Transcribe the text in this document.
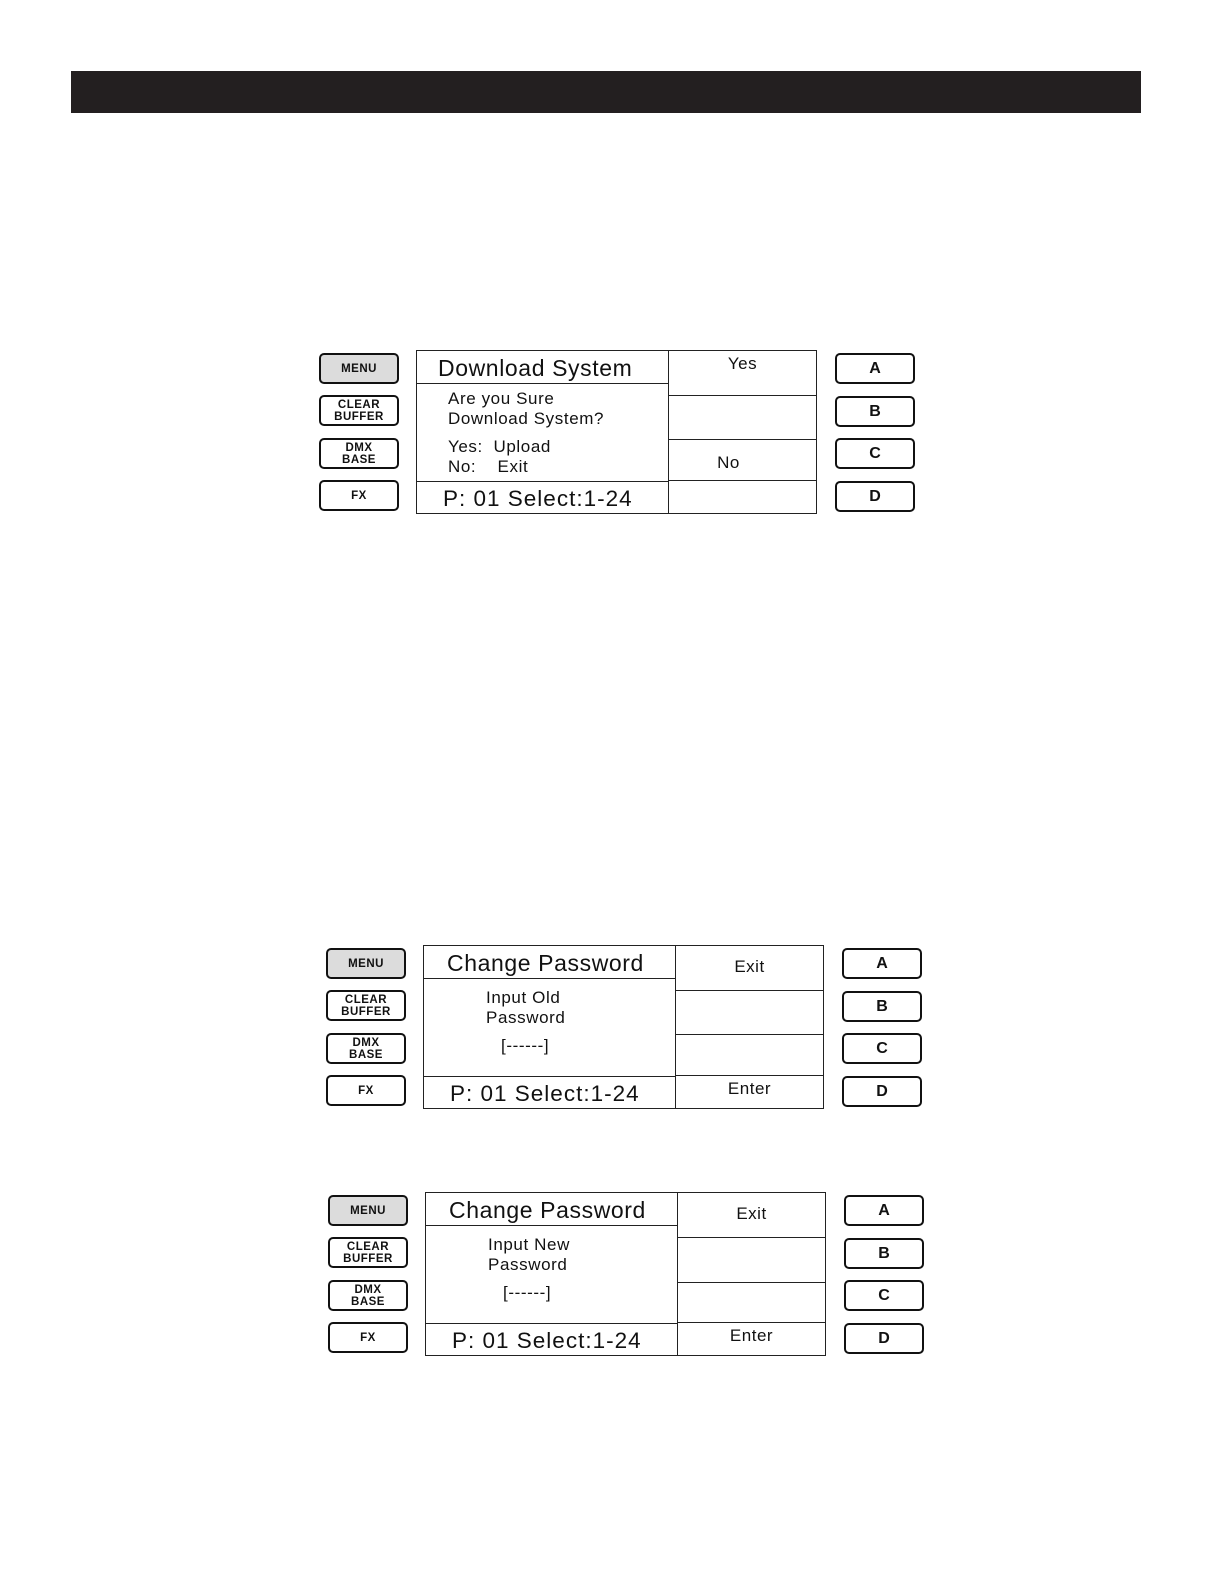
MENU
CLEAR
BUFFER
DMX
BASE
FX
Download System
Are you Sure
Download System?
Yes:  Upload
No:    Exit
P: 01 Select:1-24
Yes
No
A
B
C
D
MENU
CLEAR
BUFFER
DMX
BASE
FX
Change Password
Input Old
Password
[------]
P: 01 Select:1-24
Exit
Enter
A
B
C
D
MENU
CLEAR
BUFFER
DMX
BASE
FX
Change Password
Input New
Password
[------]
P: 01 Select:1-24
Exit
Enter
A
B
C
D
